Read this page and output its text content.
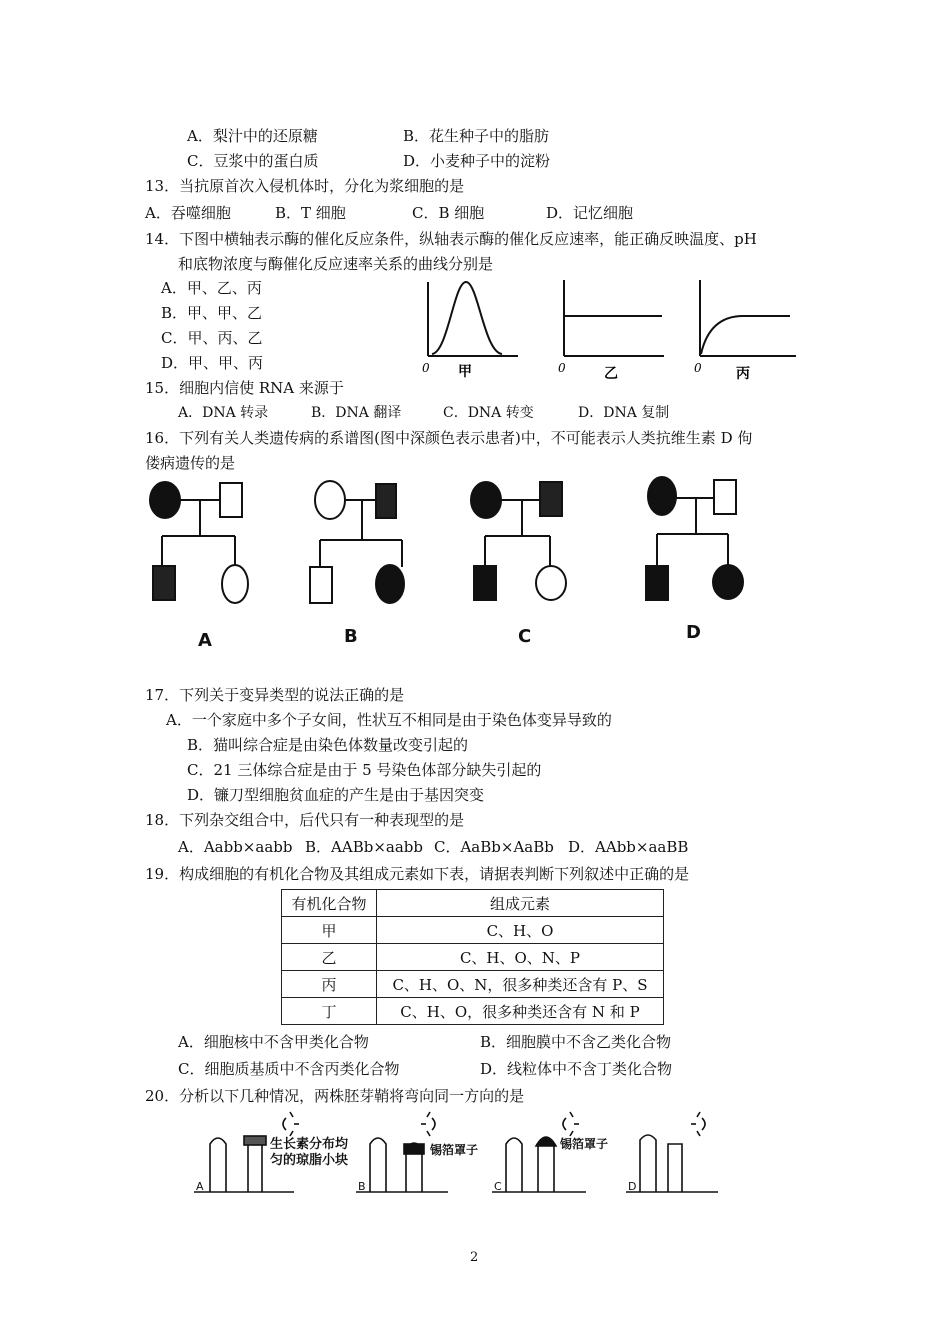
A．梨汁中的还原糖	B．花生种子中的脂肪
C．豆浆中的蛋白质	D．小麦种子中的淀粉
13．当抗原首次入侵机体时，分化为浆细胞的是
A．吞噬细胞	B．T 细胞	C．B 细胞	D．记忆细胞
14．下图中横轴表示酶的催化反应条件，纵轴表示酶的催化反应速率，能正确反映温度、pH
和底物浓度与酶催化反应速率关系的曲线分别是
A．甲、乙、丙
B．甲、甲、乙
C．甲、丙、乙
D．甲、甲、丙	0 甲	0	乙	0 丙
15．细胞内信使 RNA 来源于
A．DNA 转录	B．DNA 翻译	C．DNA 转变	D．DNA 复制
16．下列有关人类遗传病的系谱图(图中深颜色表示患者)中，不可能表示人类抗维生素 D 佝
偻病遗传的是
A	B	C	D
17．下列关于变异类型的说法正确的是
A．一个家庭中多个子女间，性状互不相同是由于染色体变异导致的
B．猫叫综合症是由染色体数量改变引起的
C．21 三体综合症是由于 5 号染色体部分缺失引起的
D．镰刀型细胞贫血症的产生是由于基因突变
18．下列杂交组合中，后代只有一种表现型的是
A．Aabb×aabb B．AABb×aabb C．AaBb×AaBb D．AAbb×aaBB
19．构成细胞的有机化合物及其组成元素如下表，请据表判断下列叙述中正确的是
有机化合物	组成元素
甲	C、H、O
乙	C、H、O、N、P
丙	C、H、O、N，很多种类还含有 P、S
丁	C、H、O，很多种类还含有 N 和 P
A．细胞核中不含甲类化合物	B．细胞膜中不含乙类化合物
C．细胞质基质中不含丙类化合物	D．线粒体中不含丁类化合物
20．分析以下几种情况，两株胚芽鞘将弯向同一方向的是
A
生长素分布均
匀的琼脂小块
B
锡箔罩子
C
锡箔罩子
D
2
